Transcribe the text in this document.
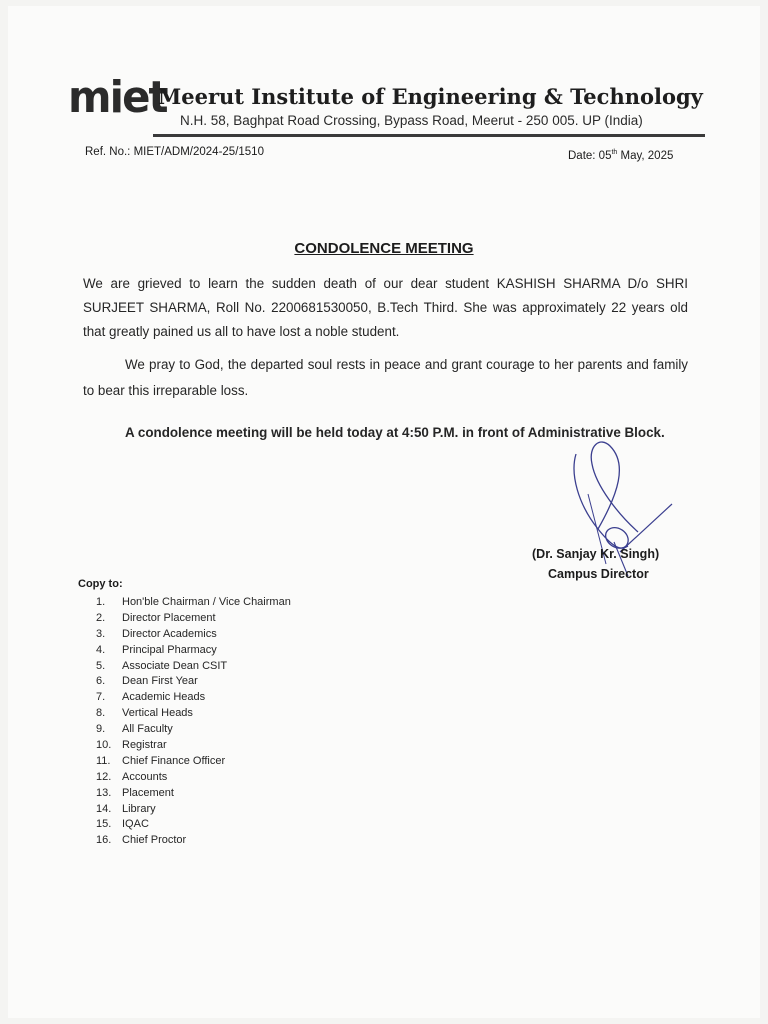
miet
Meerut Institute of Engineering & Technology
N.H. 58, Baghpat Road Crossing, Bypass Road, Meerut - 250 005. UP (India)
Ref. No.: MIET/ADM/2024-25/1510	Date: 05th May, 2025
CONDOLENCE MEETING
We are grieved to learn the sudden death of our dear student KASHISH SHARMA D/o SHRI SURJEET SHARMA, Roll No. 2200681530050, B.Tech Third. She was approximately 22 years old that greatly pained us all to have lost a noble student.
We pray to God, the departed soul rests in peace and grant courage to her parents and family to bear this irreparable loss.
A condolence meeting will be held today at 4:50 P.M. in front of Administrative Block.
(Dr. Sanjay Kr. Singh)
Campus Director
Copy to:
1. Hon'ble Chairman / Vice Chairman
2. Director Placement
3. Director Academics
4. Principal Pharmacy
5. Associate Dean CSIT
6. Dean First Year
7. Academic Heads
8. Vertical Heads
9. All Faculty
10. Registrar
11. Chief Finance Officer
12. Accounts
13. Placement
14. Library
15. IQAC
16. Chief Proctor
